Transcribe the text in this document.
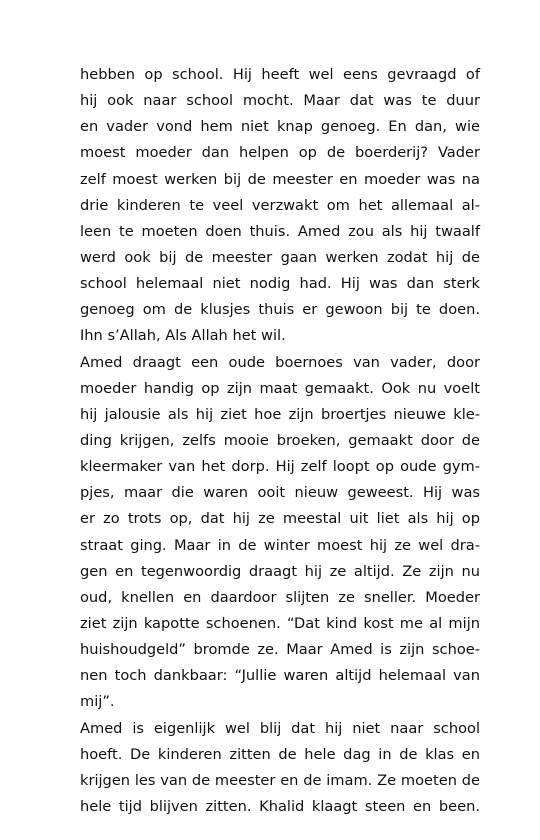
hebben op school. Hij heeft wel eens gevraagd of
hij ook naar school mocht. Maar dat was te duur
en vader vond hem niet knap genoeg. En dan, wie
moest moeder dan helpen op de boerderij? Vader
zelf moest werken bij de meester en moeder was na
drie kinderen te veel verzwakt om het allemaal al-
leen te moeten doen thuis. Amed zou als hij twaalf
werd ook bij de meester gaan werken zodat hij de
school helemaal niet nodig had. Hij was dan sterk
genoeg om de klusjes thuis er gewoon bij te doen.
Ihn s’Allah, Als Allah het wil.
Amed draagt een oude boernoes van vader, door
moeder handig op zijn maat gemaakt. Ook nu voelt
hij jalousie als hij ziet hoe zijn broertjes nieuwe kle-
ding krijgen, zelfs mooie broeken, gemaakt door de
kleermaker van het dorp. Hij zelf loopt op oude gym-
pjes, maar die waren ooit nieuw geweest. Hij was
er zo trots op, dat hij ze meestal uit liet als hij op
straat ging. Maar in de winter moest hij ze wel dra-
gen en tegenwoordig draagt hij ze altijd. Ze zijn nu
oud, knellen en daardoor slijten ze sneller. Moeder
ziet zijn kapotte schoenen. “Dat kind kost me al mijn
huishoudgeld” bromde ze. Maar Amed is zijn schoe-
nen toch dankbaar: “Jullie waren altijd helemaal van
mij”.
Amed is eigenlijk wel blij dat hij niet naar school
hoeft. De kinderen zitten de hele dag in de klas en
krijgen les van de meester en de imam. Ze moeten de
hele tijd blijven zitten. Khalid klaagt steen en been.
